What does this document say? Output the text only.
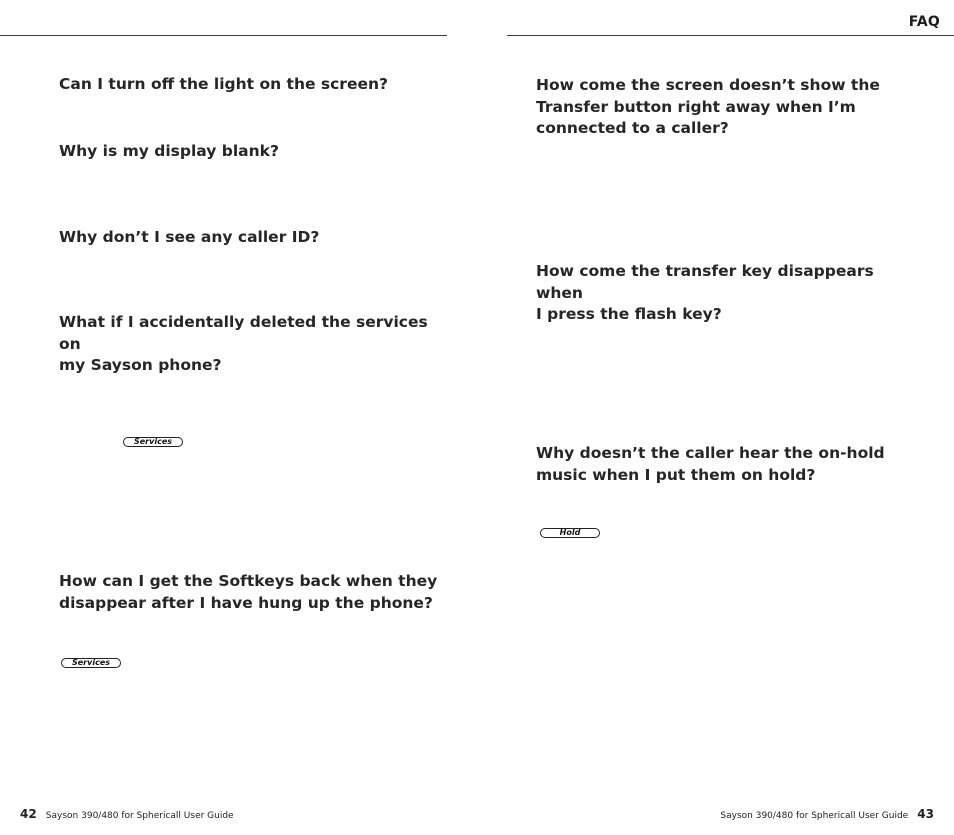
FAQ

Can I turn off the light on the screen?

Why is my display blank?

Why don’t I see any caller ID?

What if I accidentally deleted the services on
my Sayson phone?

Services

How can I get the Softkeys back when they
disappear after I have hung up the phone?

Services

How come the screen doesn’t show the
Transfer button right away when I’m
connected to a caller?

How come the transfer key disappears when
I press the flash key?

Why doesn’t the caller hear the on-hold
music when I put them on hold?

Hold
42 Sayson 390/480 for Sphericall User Guide	Sayson 390/480 for Sphericall User Guide 43
